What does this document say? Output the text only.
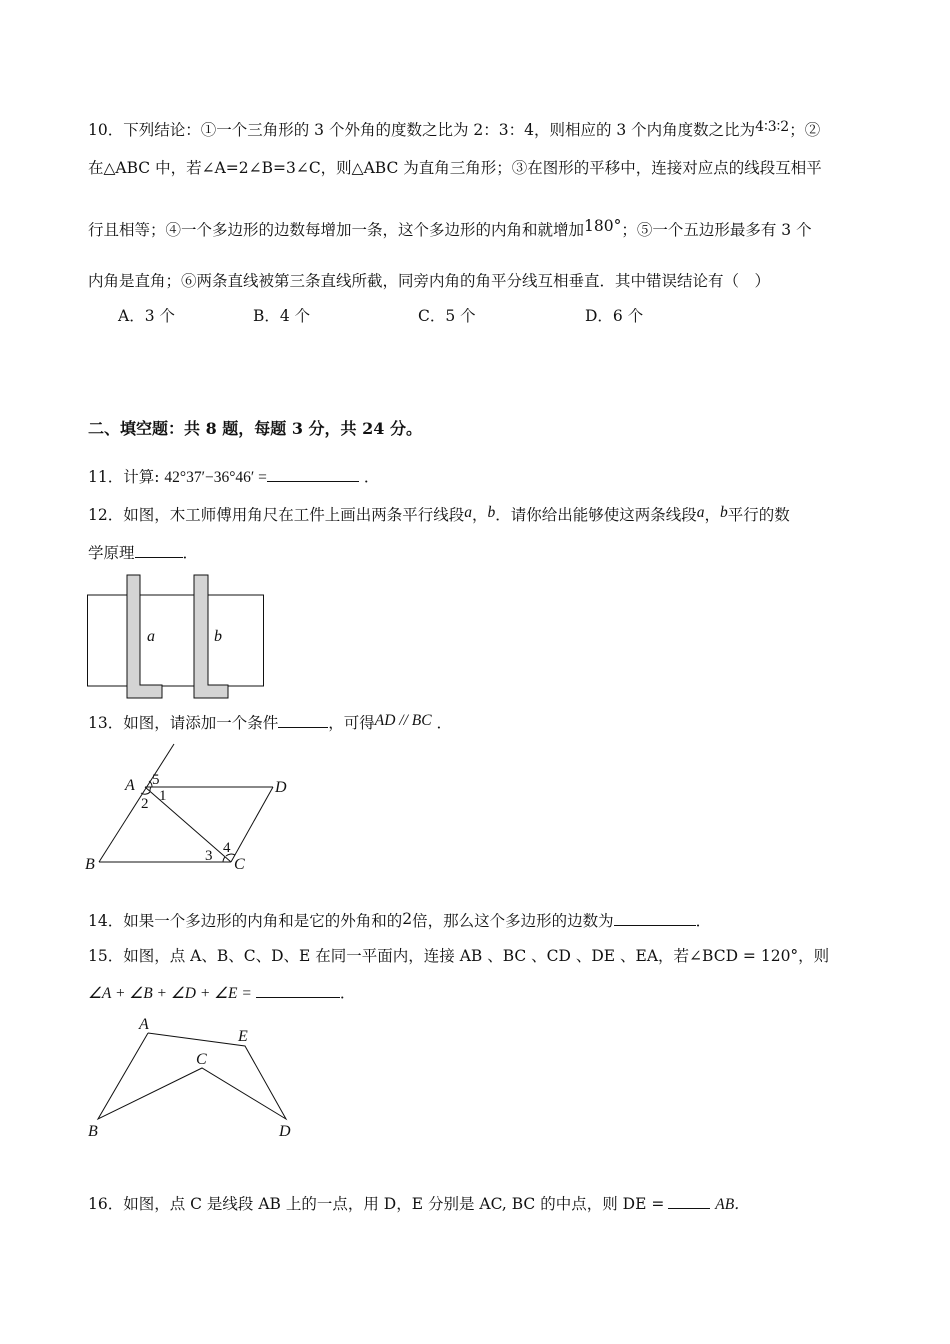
10．下列结论：①一个三角形的 3 个外角的度数之比为 2：3：4，则相应的 3 个内角度数之比为4∶3∶2；②
在△ABC 中，若∠A=2∠B=3∠C，则△ABC 为直角三角形；③在图形的平移中，连接对应点的线段互相平
行且相等；④一个多边形的边数每增加一条，这个多边形的内角和就增加180°；⑤一个五边形最多有 3 个
内角是直角；⑥两条直线被第三条直线所截，同旁内角的角平分线互相垂直．其中错误结论有（　）
A．3 个	B．4 个	C．5 个	D．6 个
二、填空题：共 8 题，每题 3 分，共 24 分。
11．计算: 42°37′−36°46′ =	．
12．如图，木工师傅用角尺在工件上画出两条平行线段a，b．请你给出能够使这两条线段a，b平行的数
学原理	．
a	b
13．如图，请添加一个条件	，可得AD // BC ．
A 5
1
2
D
B	3 4
C
14．如果一个多边形的内角和是它的外角和的2倍，那么这个多边形的边数为	．
15．如图，点 A、B、C、D、E 在同一平面内，连接 AB 、BC 、CD 、DE 、EA，若∠BCD = 120°，则
∠A + ∠B + ∠D + ∠E =	．
A
E
C
B	D
16．如图，点 C 是线段 AB 上的一点，用 D，E 分别是 AC, BC 的中点，则 DE =	AB．
